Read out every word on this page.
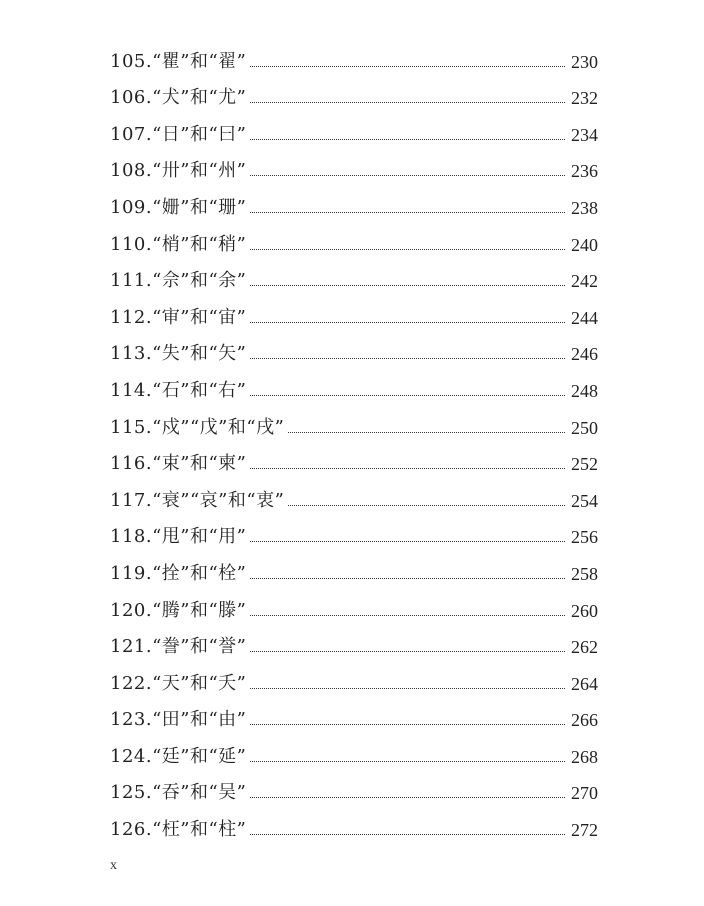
105.“瞿”和“翟”	230
106.“犬”和“尤”	232
107.“日”和“曰”	234
108.“卅”和“州”	236
109.“姗”和“珊”	238
110.“梢”和“稍”	240
111.“佘”和“余”	242
112.“审”和“宙”	244
113.“失”和“矢”	246
114.“石”和“右”	248
115.“戍”“戊”和“戌”	250
116.“束”和“柬”	252
117.“衰”“哀”和“衷”	254
118.“甩”和“用”	256
119.“拴”和“栓”	258
120.“腾”和“滕”	260
121.“誊”和“誉”	262
122.“天”和“夭”	264
123.“田”和“由”	266
124.“廷”和“延”	268
125.“吞”和“吴”	270
126.“枉”和“柱”	272
x
